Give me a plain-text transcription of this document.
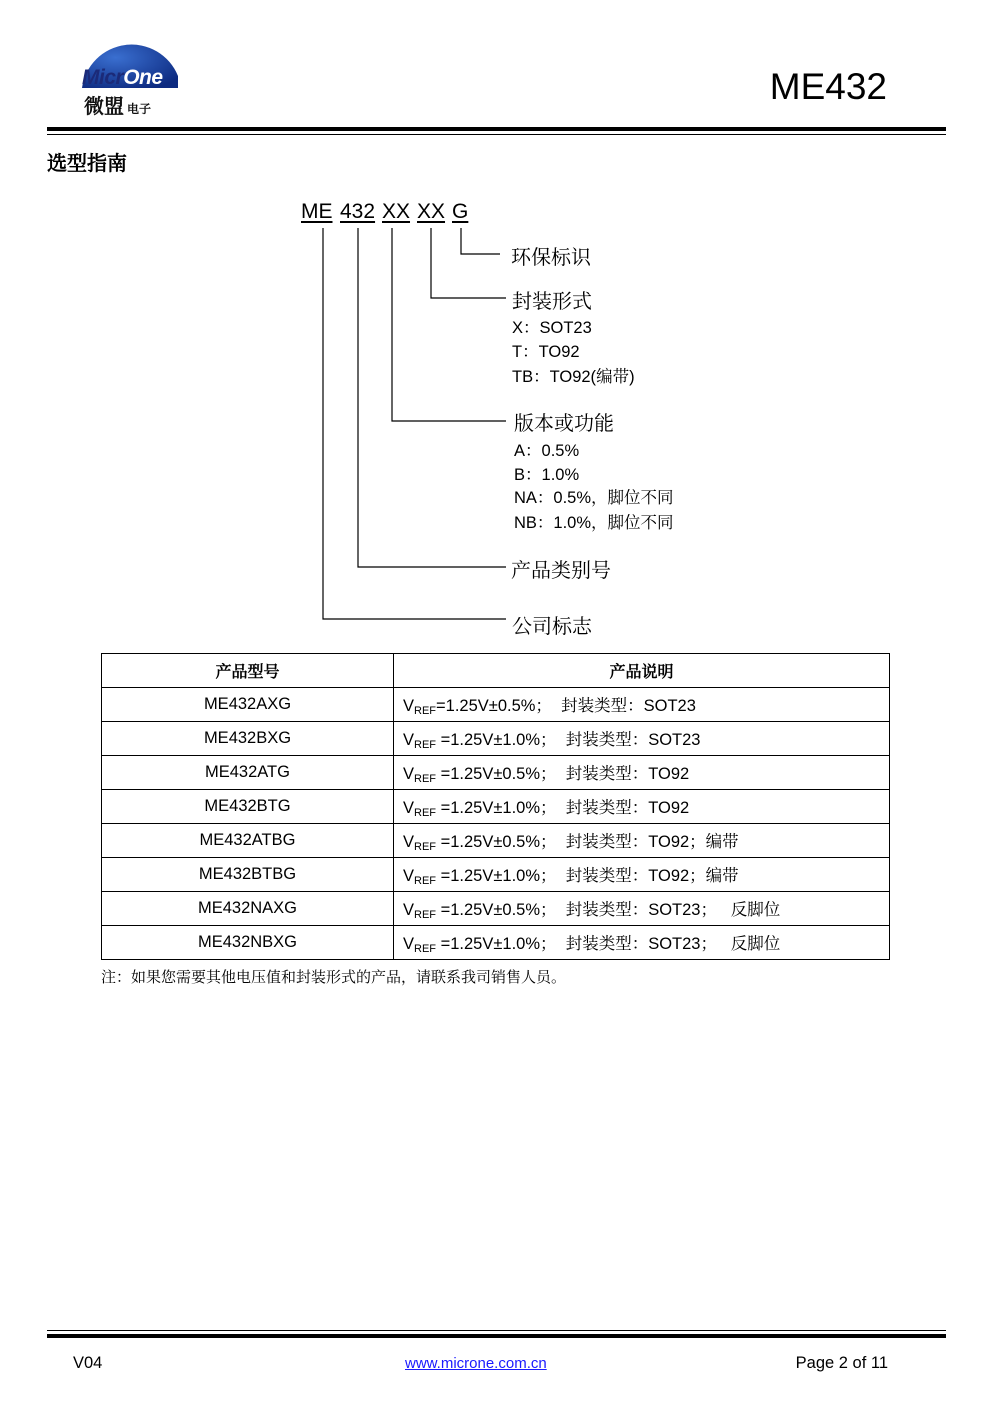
MicrOne
微盟 电子
ME432
选型指南
ME 432 XX XX G
环保标识
封装形式
X：SOT23
T：TO92
TB：TO92(编带)
版本或功能
A：0.5%
B：1.0%
NA：0.5%，脚位不同
NB：1.0%，脚位不同
产品类别号
公司标志
产品型号	产品说明
ME432AXG	$V_{REF}=1.25V\pm 0.5\%$； 封装类型：SOT23
ME432BXG	$V_{REF} =1.25V\pm 1.0\%$； 封装类型：SOT23
ME432ATG	$V_{REF} =1.25V\pm 0.5\%$； 封装类型：TO92
ME432BTG	$V_{REF} =1.25V\pm 1.0\%$； 封装类型：TO92
ME432ATBG	$V_{REF} =1.25V\pm 0.5\%$； 封装类型：TO92；编带
ME432BTBG	$V_{REF} =1.25V\pm 1.0\%$； 封装类型：TO92；编带
ME432NAXG	$V_{REF} =1.25V\pm 0.5\%$； 封装类型：SOT23； 反脚位
ME432NBXG	$V_{REF} =1.25V\pm 1.0\%$； 封装类型：SOT23； 反脚位
注：如果您需要其他电压值和封装形式的产品，请联系我司销售人员。
V04	www.microne.com.cn	Page 2 of 11
